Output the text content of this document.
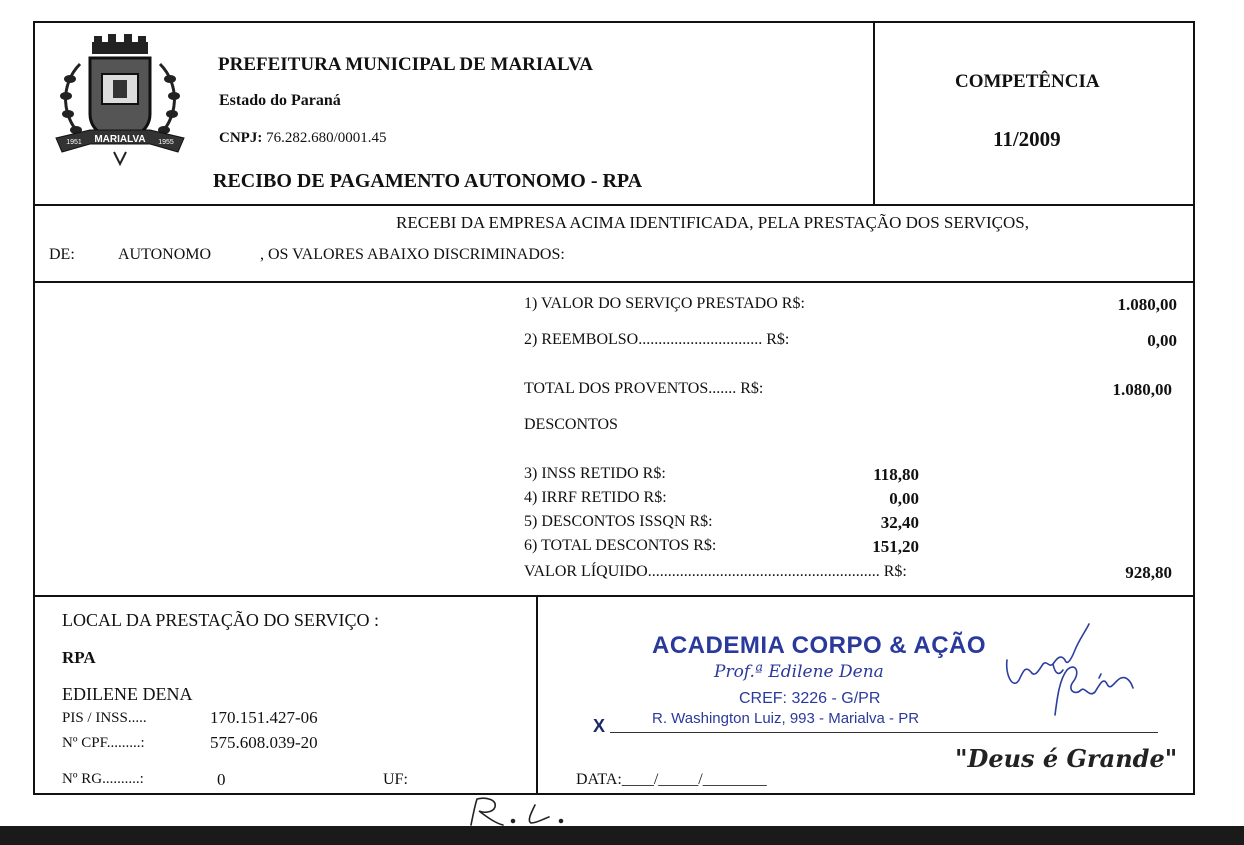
MARIALVA
1951	1955
PREFEITURA MUNICIPAL DE MARIALVA
Estado do Paraná
CNPJ: 76.282.680/0001.45
RECIBO DE PAGAMENTO AUTONOMO - RPA
COMPETÊNCIA
11/2009
RECEBI DA EMPRESA ACIMA IDENTIFICADA, PELA PRESTAÇÃO DOS SERVIÇOS,
DE:	AUTONOMO	, OS VALORES ABAIXO DISCRIMINADOS:
1) VALOR DO SERVIÇO PRESTADO R$:	1.080,00
2) REEMBOLSO............................... R$:	0,00
TOTAL DOS PROVENTOS....... R$:	1.080,00
DESCONTOS
3) INSS RETIDO R$:	118,80
4) IRRF RETIDO R$:	0,00
5) DESCONTOS ISSQN R$:	32,40
6) TOTAL DESCONTOS R$:	151,20
VALOR LÍQUIDO.......................................................... R$:	928,80
LOCAL DA PRESTAÇÃO DO SERVIÇO :
RPA
EDILENE DENA
PIS / INSS.....	170.151.427-06
Nº CPF.........:	575.608.039-20
Nº RG..........:	0	UF:
ACADEMIA CORPO & AÇÃO
Prof.ª Edilene Dena
CREF: 3226 - G/PR
X	R. Washington Luiz, 993 - Marialva - PR
"Deus é Grande"
DATA:____/_____/________
